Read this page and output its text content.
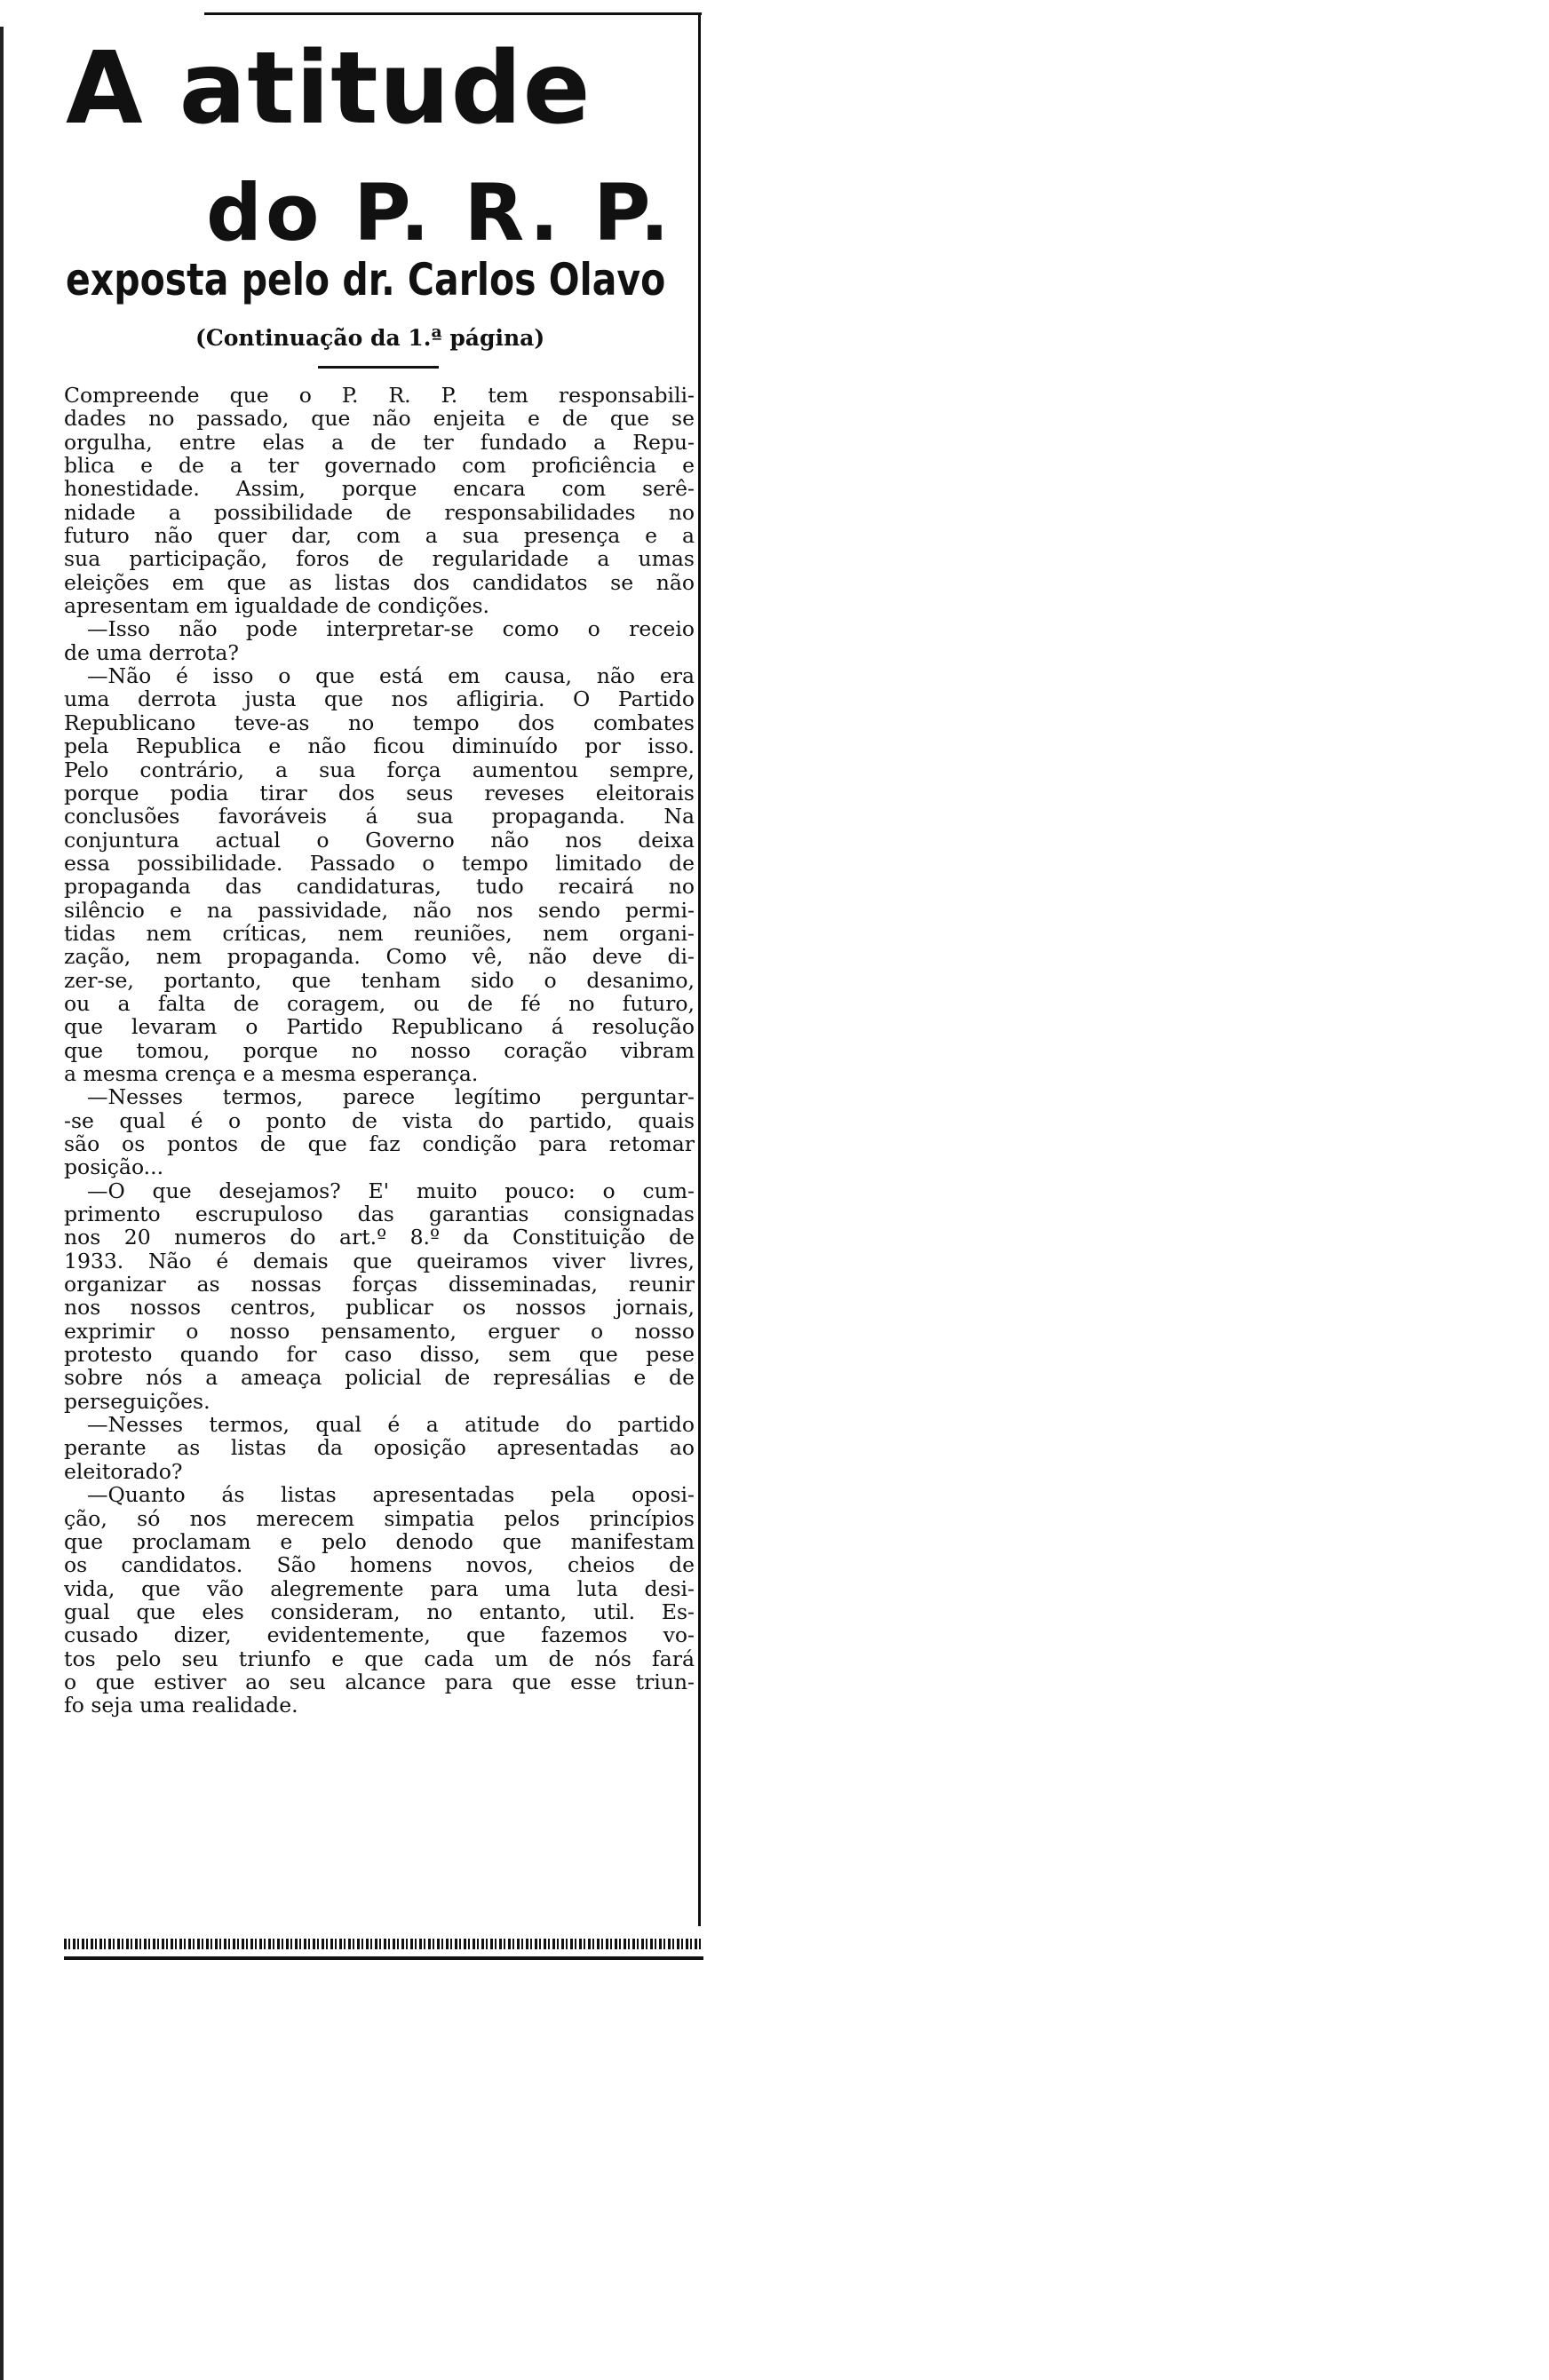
A atitude
do P. R. P.
exposta pelo dr. Carlos Olavo
(Continuação da 1.ª página)
Compreende que o P. R. P. tem responsabili-
dades no passado, que não enjeita e de que se
orgulha, entre elas a de ter fundado a Repu-
blica e de a ter governado com proficiência e
honestidade. Assim, porque encara com serê-
nidade a possibilidade de responsabilidades no
futuro não quer dar, com a sua presença e a
sua participação, foros de regularidade a umas
eleições em que as listas dos candidatos se não
apresentam em igualdade de condições.
—Isso não pode interpretar-se como o receio
de uma derrota?
—Não é isso o que está em causa, não era
uma derrota justa que nos afligiria. O Partido
Republicano teve-as no tempo dos combates
pela Republica e não ficou diminuído por isso.
Pelo contrário, a sua força aumentou sempre,
porque podia tirar dos seus reveses eleitorais
conclusões favoráveis á sua propaganda. Na
conjuntura actual o Governo não nos deixa
essa possibilidade. Passado o tempo limitado de
propaganda das candidaturas, tudo recairá no
silêncio e na passividade, não nos sendo permi-
tidas nem críticas, nem reuniões, nem organi-
zação, nem propaganda. Como vê, não deve di-
zer-se, portanto, que tenham sido o desanimo,
ou a falta de coragem, ou de fé no futuro,
que levaram o Partido Republicano á resolução
que tomou, porque no nosso coração vibram
a mesma crença e a mesma esperança.
—Nesses termos, parece legítimo perguntar-
-se qual é o ponto de vista do partido, quais
são os pontos de que faz condição para retomar
posição...
—O que desejamos? E' muito pouco: o cum-
primento escrupuloso das garantias consignadas
nos 20 numeros do art.º 8.º da Constituição de
1933. Não é demais que queiramos viver livres,
organizar as nossas forças disseminadas, reunir
nos nossos centros, publicar os nossos jornais,
exprimir o nosso pensamento, erguer o nosso
protesto quando for caso disso, sem que pese
sobre nós a ameaça policial de represálias e de
perseguições.
—Nesses termos, qual é a atitude do partido
perante as listas da oposição apresentadas ao
eleitorado?
—Quanto ás listas apresentadas pela oposi-
ção, só nos merecem simpatia pelos princípios
que proclamam e pelo denodo que manifestam
os candidatos. São homens novos, cheios de
vida, que vão alegremente para uma luta desi-
gual que eles consideram, no entanto, util. Es-
cusado dizer, evidentemente, que fazemos vo-
tos pelo seu triunfo e que cada um de nós fará
o que estiver ao seu alcance para que esse triun-
fo seja uma realidade.
